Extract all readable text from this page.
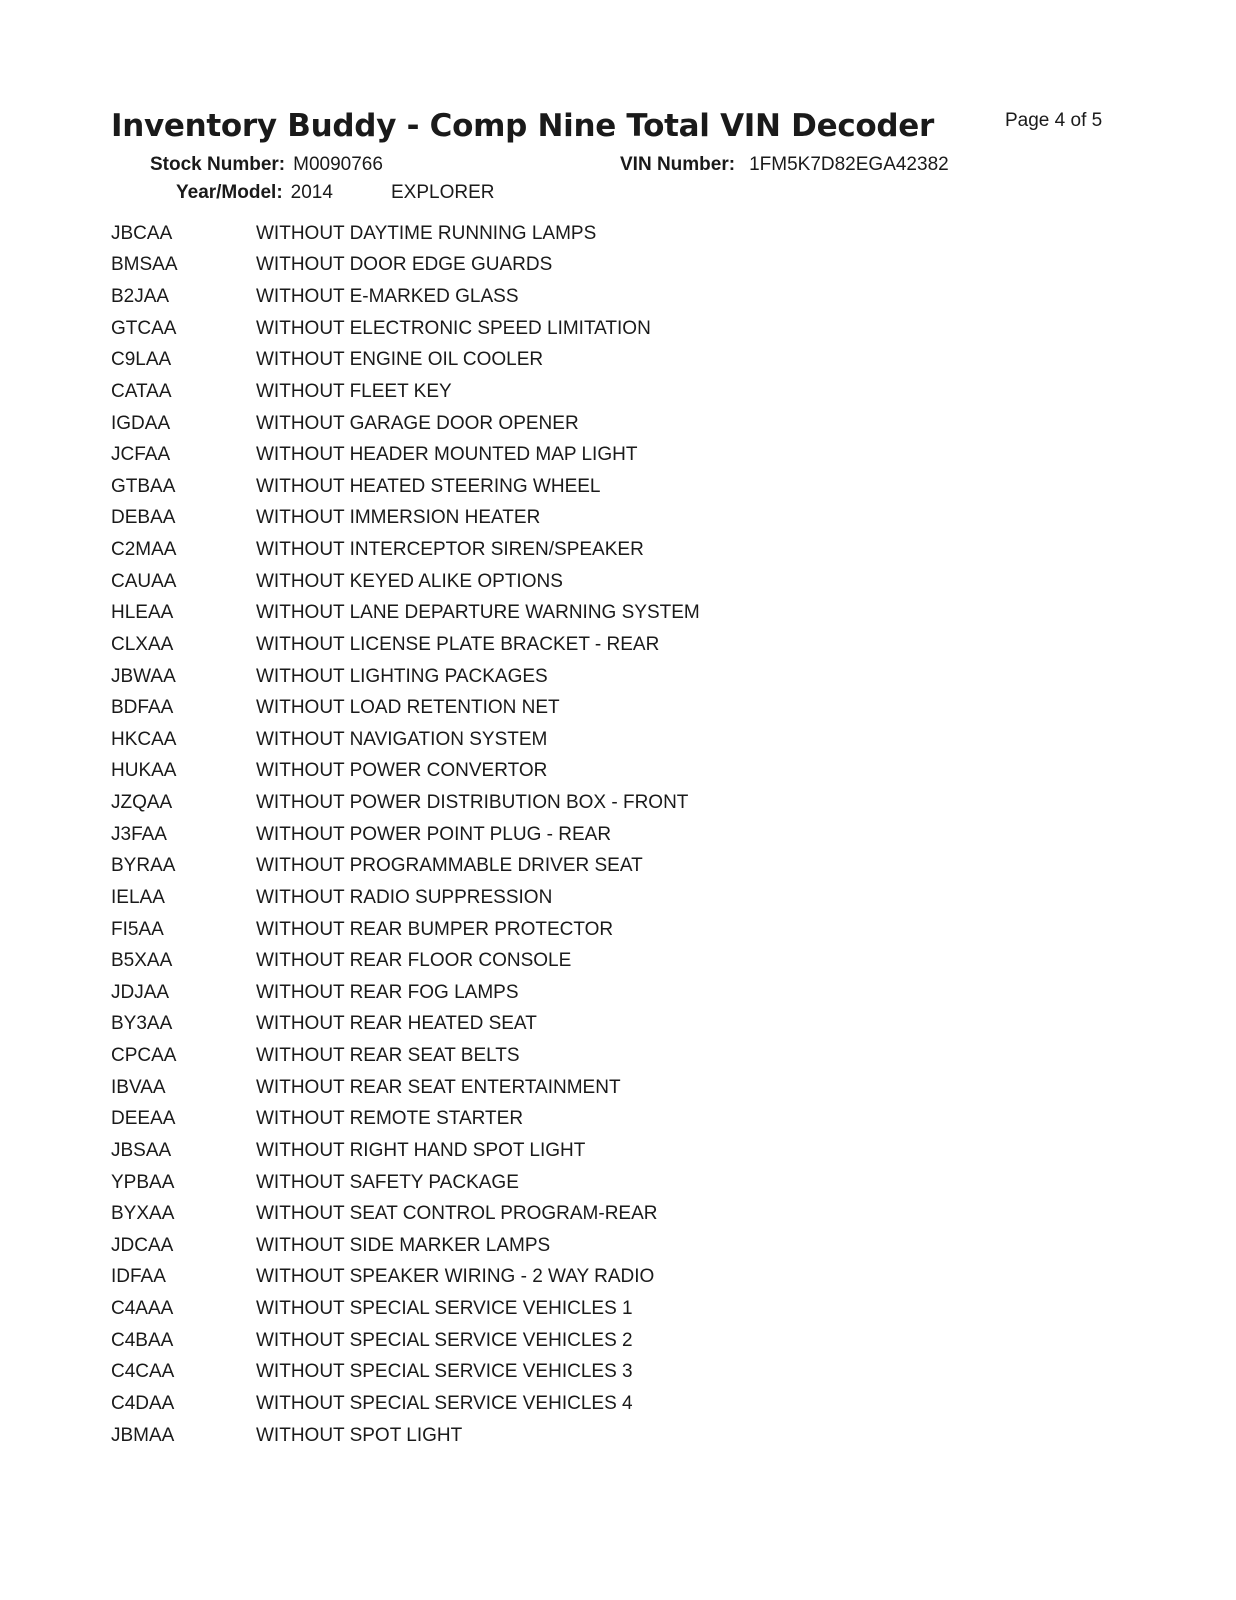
Inventory Buddy - Comp Nine Total VIN Decoder	Page 4 of 5
Stock Number: M0090766	VIN Number: 1FM5K7D82EGA42382
Year/Model: 2014	EXPLORER
JBCAA	WITHOUT DAYTIME RUNNING LAMPS
BMSAA	WITHOUT DOOR EDGE GUARDS
B2JAA	WITHOUT E-MARKED GLASS
GTCAA	WITHOUT ELECTRONIC SPEED LIMITATION
C9LAA	WITHOUT ENGINE OIL COOLER
CATAA	WITHOUT FLEET KEY
IGDAA	WITHOUT GARAGE DOOR OPENER
JCFAA	WITHOUT HEADER MOUNTED MAP LIGHT
GTBAA	WITHOUT HEATED STEERING WHEEL
DEBAA	WITHOUT IMMERSION HEATER
C2MAA	WITHOUT INTERCEPTOR SIREN/SPEAKER
CAUAA	WITHOUT KEYED ALIKE OPTIONS
HLEAA	WITHOUT LANE DEPARTURE WARNING SYSTEM
CLXAA	WITHOUT LICENSE PLATE BRACKET - REAR
JBWAA	WITHOUT LIGHTING PACKAGES
BDFAA	WITHOUT LOAD RETENTION NET
HKCAA	WITHOUT NAVIGATION SYSTEM
HUKAA	WITHOUT POWER CONVERTOR
JZQAA	WITHOUT POWER DISTRIBUTION BOX - FRONT
J3FAA	WITHOUT POWER POINT PLUG - REAR
BYRAA	WITHOUT PROGRAMMABLE DRIVER SEAT
IELAA	WITHOUT RADIO SUPPRESSION
FI5AA	WITHOUT REAR BUMPER PROTECTOR
B5XAA	WITHOUT REAR FLOOR CONSOLE
JDJAA	WITHOUT REAR FOG LAMPS
BY3AA	WITHOUT REAR HEATED SEAT
CPCAA	WITHOUT REAR SEAT BELTS
IBVAA	WITHOUT REAR SEAT ENTERTAINMENT
DEEAA	WITHOUT REMOTE STARTER
JBSAA	WITHOUT RIGHT HAND SPOT LIGHT
YPBAA	WITHOUT SAFETY PACKAGE
BYXAA	WITHOUT SEAT CONTROL PROGRAM-REAR
JDCAA	WITHOUT SIDE MARKER LAMPS
IDFAA	WITHOUT SPEAKER WIRING - 2 WAY RADIO
C4AAA	WITHOUT SPECIAL SERVICE VEHICLES 1
C4BAA	WITHOUT SPECIAL SERVICE VEHICLES 2
C4CAA	WITHOUT SPECIAL SERVICE VEHICLES 3
C4DAA	WITHOUT SPECIAL SERVICE VEHICLES 4
JBMAA	WITHOUT SPOT LIGHT
